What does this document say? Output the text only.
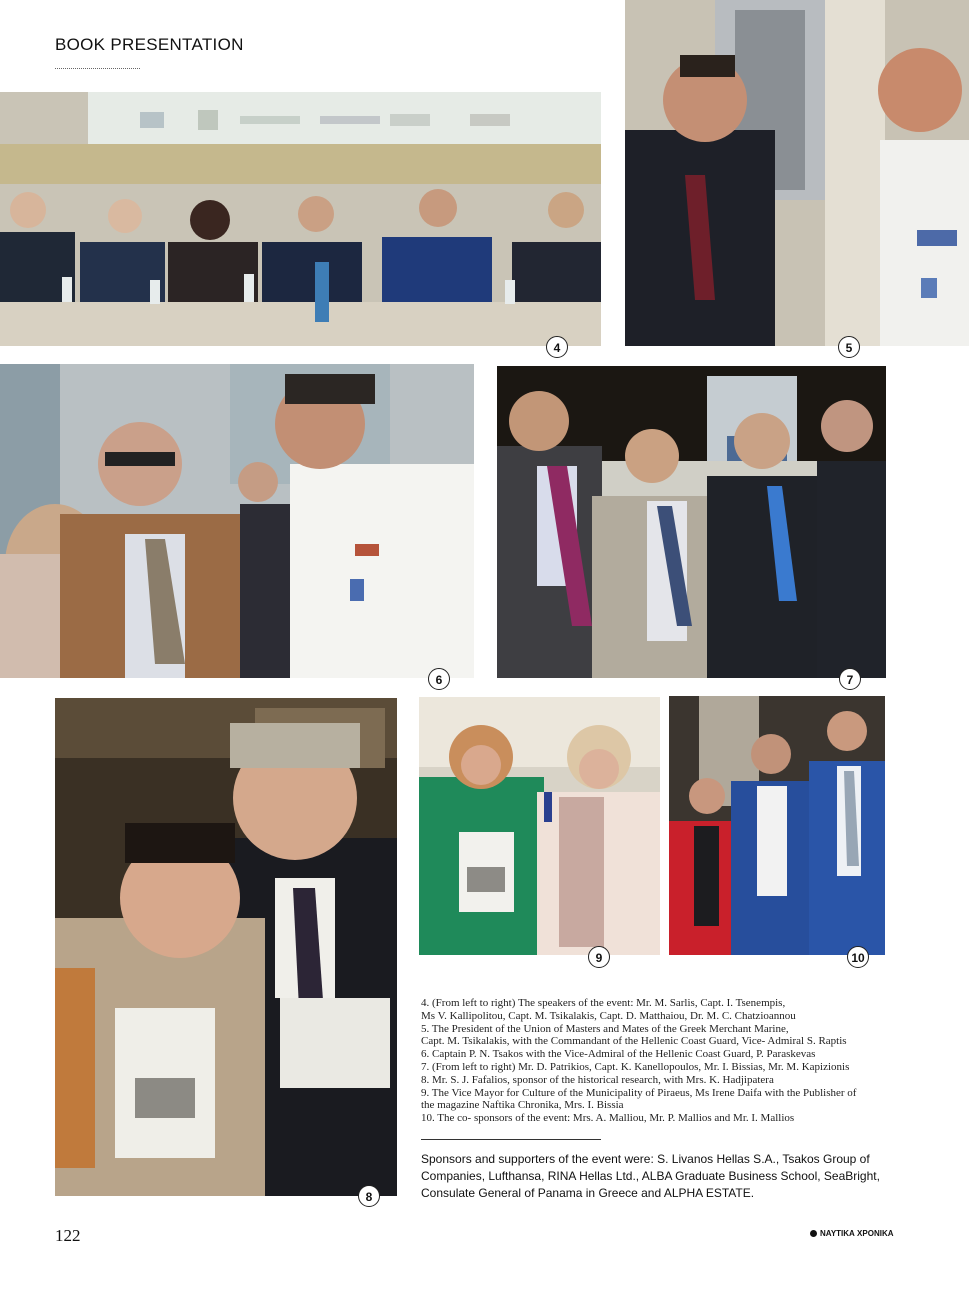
BOOK PRESENTATION
4	5
6	7
8
9	10

4. (From left to right) The speakers of the event: Mr. M. Sarlis, Capt. I. Tsenempis,

Ms V. Kallipolitou, Capt. M. Tsikalakis, Capt. D. Matthaiou, Dr. M. C. Chatzioannou

5. The President of the Union of Masters and Mates of the Greek Merchant Marine,

Capt. M. Tsikalakis, with the Commandant of the Hellenic Coast Guard, Vice- Admiral S. Raptis

6. Captain P. N. Tsakos with the Vice-Admiral of the Hellenic Coast Guard, P. Paraskevas

7. (From left to right) Mr. D. Patrikios, Capt. K. Kanellopoulos, Mr. I. Bissias, Mr. M. Kapizionis

8. Mr. S. J. Fafalios, sponsor of the historical research, with Mrs. K. Hadjipatera

9. The Vice Mayor for Culture of the Municipality of Piraeus, Ms Irene Daifa with the Publisher of

the magazine Naftika Chronika, Mrs. I. Bissia

10. The co- sponsors of the event: Mrs. A. Malliou, Mr. P. Mallios and Mr. I. Mallios

Sponsors and supporters of the event were: S. Livanos Hellas S.A., Tsakos Group of Companies, Lufthansa, RINA Hellas Ltd., ALBA Graduate Business School, SeaBright, Consulate General of Panama in Greece and ALPHA ESTATE.
122	ΝΑΥΤΙΚΑ ΧΡΟΝΙΚΑ
